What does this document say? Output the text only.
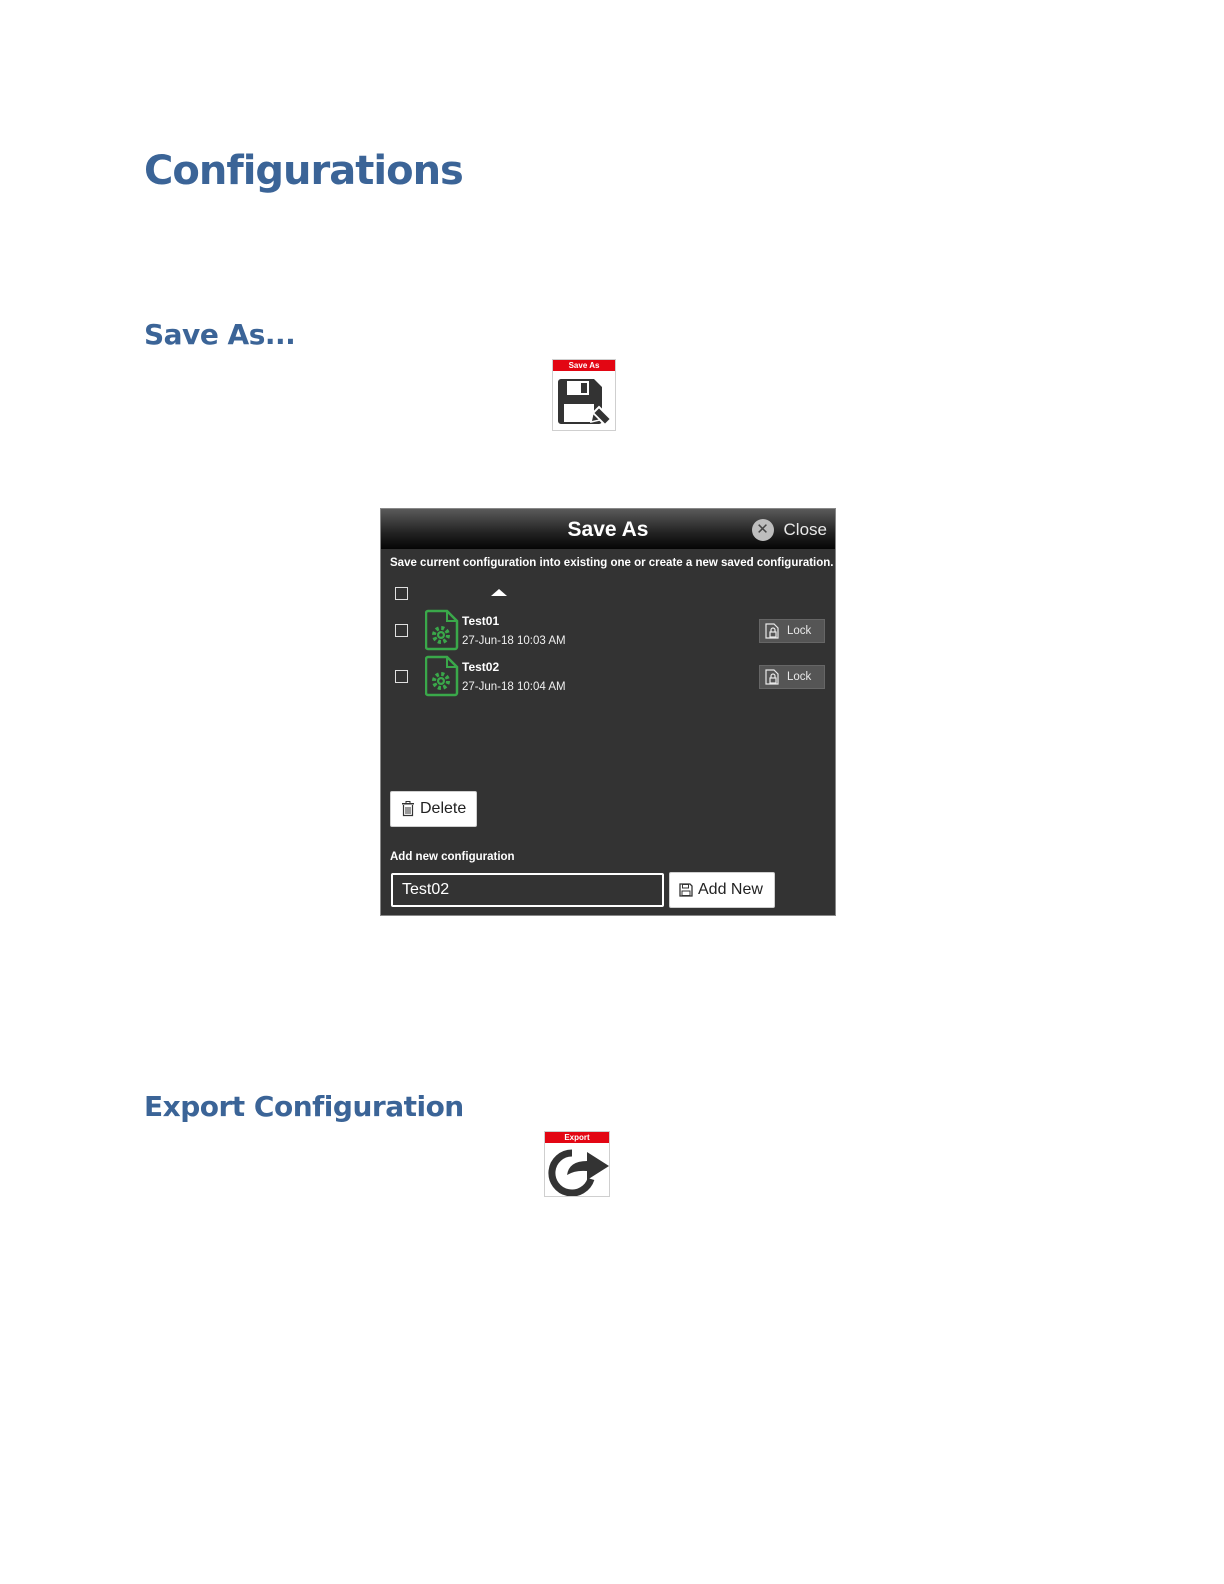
Configurations
Save As...
Save As
Save As	✕ Close
Save current configuration into existing one or create a new saved configuration.
Test01
27-Jun-18 10:03 AM
Lock
Test02
27-Jun-18 10:04 AM
Lock
Delete
Add new configuration
Test02
Add New
Export Configuration
Export
